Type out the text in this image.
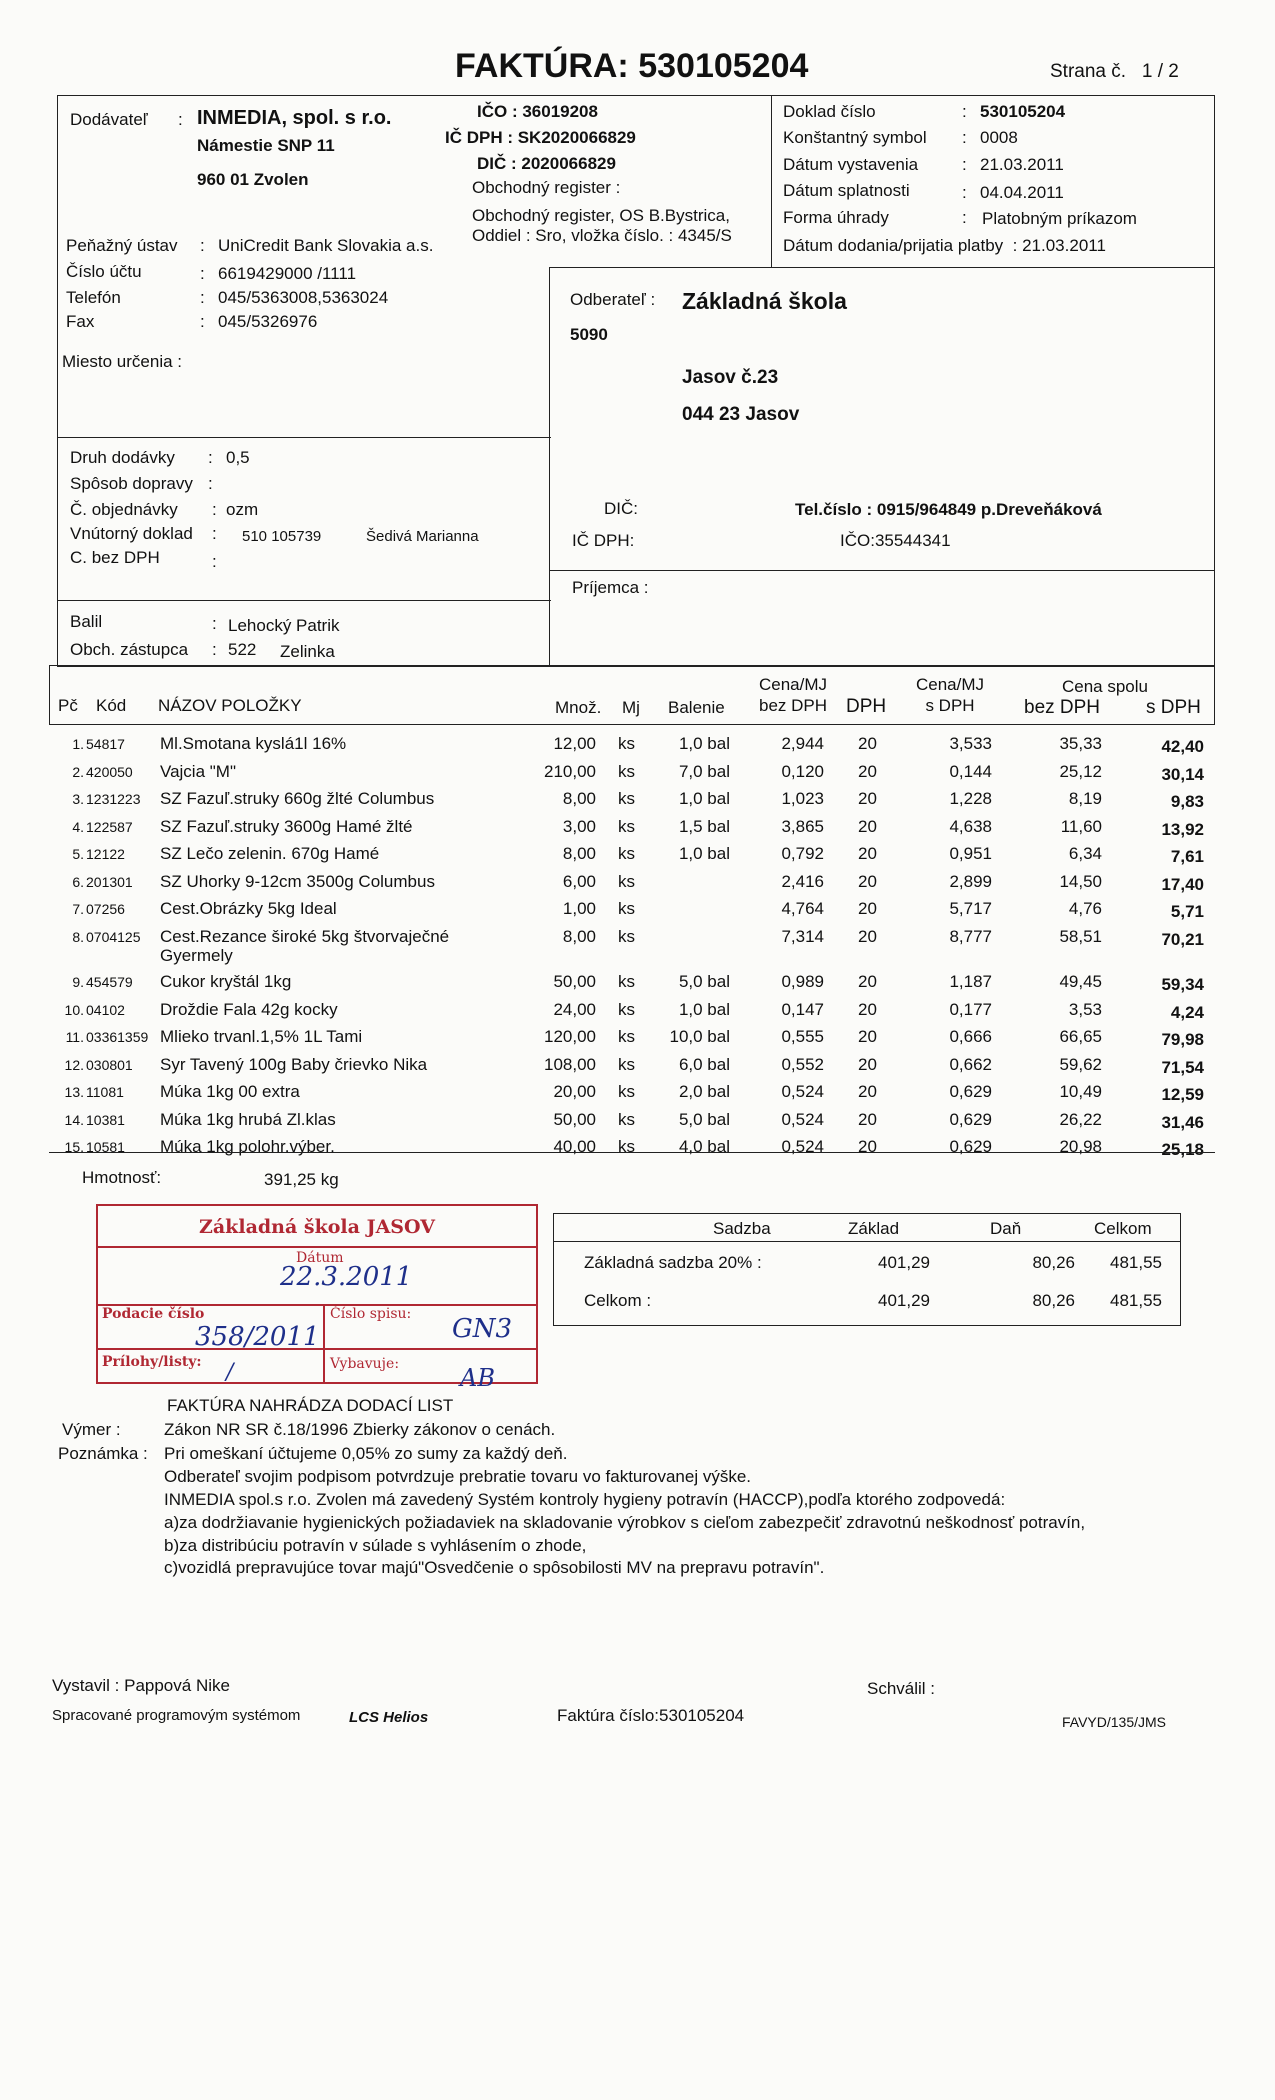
FAKTÚRA: 530105204	Strana č. 1 / 2
Dodávateľ : INMEDIA, spol. s r.o.
Námestie SNP 11
960 01 Zvolen
IČO : 36019208
IČ DPH : SK2020066829
DIČ : 2020066829
Obchodný register :
Obchodný register, OS B.Bystrica,
Oddiel : Sro, vložka číslo. : 4345/S
Peňažný ústav : UniCredit Bank Slovakia a.s.
Číslo účtu	: 6619429000 /1111
Telefón	: 045/5363008,5363024
Fax	: 045/5326976
Miesto určenia :
Doklad číslo	: 530105204
Konštantný symbol : 0008
Dátum vystavenia	: 21.03.2011
Dátum splatnosti	: 04.04.2011
Forma úhrady	: Platobným príkazom
Dátum dodania/prijatia platby  : 21.03.2011
Odberateľ :
5090
Základná škola
Jasov č.23
044 23 Jasov
DIČ:
IČ DPH:
Tel.číslo : 0915/964849 p.Dreveňáková
IČO:35544341
Príjemca :
Druh dodávky : 0,5
Spôsob dopravy :
Č. objednávky : ozm
Vnútorný doklad : 510 105739	Šedivá Marianna
C. bez DPH	:
Balil	: Lehocký Patrik
Obch. zástupca : 522 Zelinka
Pč Kód NÁZOV POLOŽKY	Množ. Mj Balenie
Cena/MJ
bez DPH DPH
Cena/MJ
s DPH
Cena spolu
bez DPH s DPH
1. 54817	Ml.Smotana kyslá1l 16%	12,00 ks	1,0 bal	2,944 20	3,533	35,33	42,40
2. 420050	Vajcia "M"	210,00 ks	7,0 bal	0,120 20	0,144	25,12	30,14
3. 1231223	SZ Fazuľ.struky 660g žlté Columbus	8,00 ks	1,0 bal	1,023 20	1,228	8,19	9,83
4. 122587	SZ Fazuľ.struky 3600g Hamé žlté	3,00 ks	1,5 bal	3,865 20	4,638	11,60	13,92
5. 12122	SZ Lečo zelenin. 670g Hamé	8,00 ks	1,0 bal	0,792 20	0,951	6,34	7,61
6. 201301	SZ Uhorky 9-12cm 3500g Columbus	6,00 ks	2,416 20	2,899	14,50	17,40
7. 07256	Cest.Obrázky 5kg Ideal	1,00 ks	4,764 20	5,717	4,76	5,71
8. 0704125	Cest.Rezance široké 5kg štvorvaječné	8,00 ks	7,314 20	8,777	58,51	70,21
Gyermely
9. 454579	Cukor kryštál 1kg	50,00 ks	5,0 bal	0,989 20	1,187	49,45	59,34
10. 04102	Droždie Fala 42g kocky	24,00 ks	1,0 bal	0,147 20	0,177	3,53	4,24
11. 03361359 Mlieko trvanl.1,5% 1L Tami	120,00 ks	10,0 bal	0,555 20	0,666	66,65	79,98
12. 030801	Syr Tavený 100g Baby črievko Nika	108,00 ks	6,0 bal	0,552 20	0,662	59,62	71,54
13. 11081	Múka 1kg 00 extra	20,00 ks	2,0 bal	0,524 20	0,629	10,49	12,59
14. 10381	Múka 1kg hrubá Zl.klas	50,00 ks	5,0 bal	0,524 20	0,629	26,22	31,46
15. 10581	Múka 1kg polohr.výber.	40,00 ks	4,0 bal	0,524 20	0,629	20,98	25,18
Hmotnosť:	391,25 kg
Základná škola JASOV
Dátum
Podacie číslo	Číslo spisu:
Prílohy/listy:	Vybavuje:
22.3.2011
358/2011	GN3
/	AB
Sadzba	Základ	Daň	Celkom
Základná sadzba 20% :	401,29	80,26	481,55
Celkom :	401,29	80,26	481,55
FAKTÚRA NAHRÁDZA DODACÍ LIST
Výmer :	Zákon NR SR č.18/1996 Zbierky zákonov o cenách.
Poznámka : Pri omeškaní účtujeme 0,05% zo sumy za každý deň.
Odberateľ svojim podpisom potvrdzuje prebratie tovaru vo fakturovanej výške.
INMEDIA spol.s r.o. Zvolen má zavedený Systém kontroly hygieny potravín (HACCP),podľa ktorého zodpovedá:
a)za dodržiavanie hygienických požiadaviek na skladovanie výrobkov s cieľom zabezpečiť zdravotnú neškodnosť potravín,
b)za distribúciu potravín v súlade s vyhlásením o zhode,
c)vozidlá prepravujúce tovar majú"Osvedčenie o spôsobilosti MV na prepravu potravín".
Vystavil : Pappová Nike	Schválil :
Spracované programovým systémom	LCS Helios	Faktúra číslo:530105204	FAVYD/135/JMS
